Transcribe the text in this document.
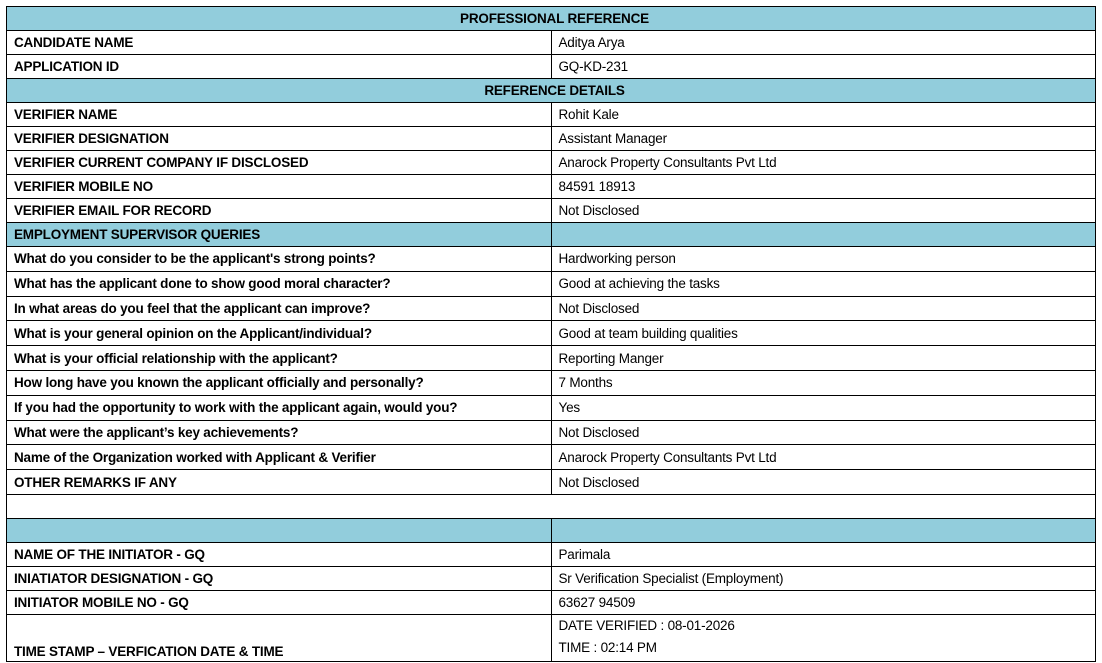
PROFESSIONAL REFERENCE	
CANDIDATE NAME	Aditya Arya
APPLICATION ID	GQ-KD-231
REFERENCE DETAILS	
VERIFIER NAME	Rohit Kale
VERIFIER DESIGNATION	Assistant Manager
VERIFIER CURRENT COMPANY IF DISCLOSED	Anarock Property Consultants Pvt Ltd
VERIFIER MOBILE NO	84591 18913
VERIFIER EMAIL FOR RECORD	Not Disclosed
EMPLOYMENT SUPERVISOR QUERIES	
What do you consider to be the applicant's strong points?	Hardworking person
What has the applicant done to show good moral character?	Good at achieving the tasks
In what areas do you feel that the applicant can improve?	Not Disclosed
What is your general opinion on the Applicant/individual?	Good at team building qualities
What is your official relationship with the applicant?	Reporting Manger
How long have you known the applicant officially and personally?	7 Months
If you had the opportunity to work with the applicant again, would you?	Yes
What were the applicant’s key achievements?	Not Disclosed
Name of the Organization worked with Applicant & Verifier	Anarock Property Consultants Pvt Ltd
OTHER REMARKS IF ANY	Not Disclosed

NAME OF THE INITIATOR - GQ	Parimala
INIATIATOR DESIGNATION - GQ	Sr Verification Specialist (Employment)
INITIATOR MOBILE NO - GQ	63627 94509
TIME STAMP – VERFICATION DATE & TIME	DATE VERIFIED : 08-01-2026
TIME : 02:14 PM
